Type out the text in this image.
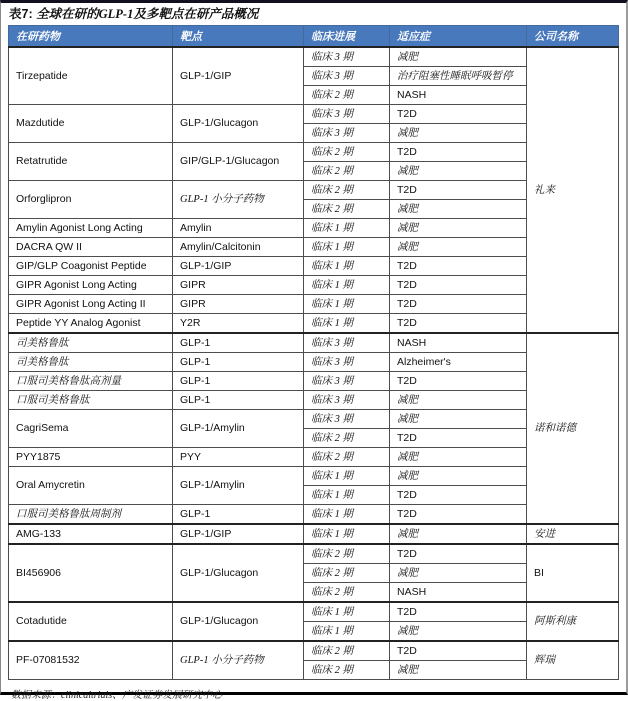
表7: 全球在研的GLP-1及多靶点在研产品概况
在研药物	靶点	临床进展	适应症	公司名称
Tirzepatide	GLP-1/GIP	临床 3 期	减肥	礼来
		临床 3 期	治疗阻塞性睡眠呼吸暂停	
		临床 2 期	NASH	
Mazdutide	GLP-1/Glucagon	临床 3 期	T2D	
		临床 3 期	减肥	
Retatrutide	GIP/GLP-1/Glucagon	临床 2 期	T2D	
		临床 2 期	减肥	
Orforglipron	GLP-1 小分子药物	临床 2 期	T2D	
		临床 2 期	减肥	
Amylin Agonist Long Acting	Amylin	临床 1 期	减肥	
DACRA QW II	Amylin/Calcitonin	临床 1 期	减肥	
GIP/GLP Coagonist Peptide	GLP-1/GIP	临床 1 期	T2D	
GIPR Agonist Long Acting	GIPR	临床 1 期	T2D	
GIPR Agonist Long Acting II	GIPR	临床 1 期	T2D	
Peptide YY Analog Agonist	Y2R	临床 1 期	T2D	
司美格鲁肽	GLP-1	临床 3 期	NASH	诺和诺德
司美格鲁肽	GLP-1	临床 3 期	Alzheimer's	
口服司美格鲁肽高剂量	GLP-1	临床 3 期	T2D	
口服司美格鲁肽	GLP-1	临床 3 期	减肥	
CagriSema	GLP-1/Amylin	临床 3 期	减肥	
		临床 2 期	T2D	
PYY1875	PYY	临床 2 期	减肥	
Oral Amycretin	GLP-1/Amylin	临床 1 期	减肥	
		临床 1 期	T2D	
口服司美格鲁肽周制剂	GLP-1	临床 1 期	T2D	
AMG-133	GLP-1/GIP	临床 1 期	减肥	安进
BI456906	GLP-1/Glucagon	临床 2 期	T2D	BI
		临床 2 期	减肥	
		临床 2 期	NASH	
Cotadutide	GLP-1/Glucagon	临床 1 期	T2D	阿斯利康
		临床 1 期	减肥	
PF-07081532	GLP-1 小分子药物	临床 2 期	T2D	辉瑞
		临床 2 期	减肥	
数据来源：clinicaltrials、广发证券发展研究中心
